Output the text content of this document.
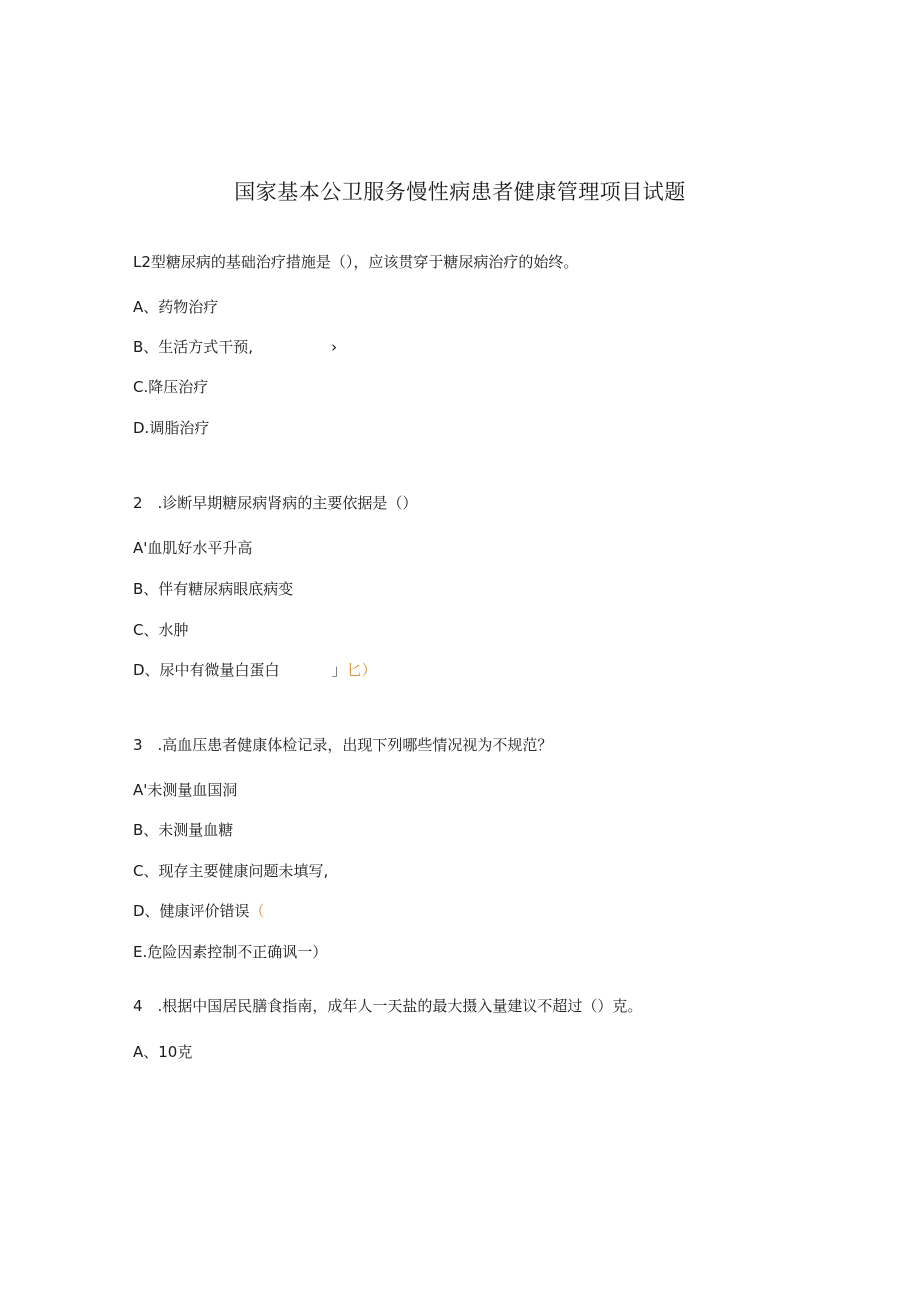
国家基本公卫服务慢性病患者健康管理项目试题
L2型糖尿病的基础治疗措施是（），应该贯穿于糖尿病治疗的始终。
A、药物治疗
B、生活方式干预,	›
C.降压治疗
D.调脂治疗
2　.诊断早期糖尿病肾病的主要依据是（）
A'血肌好水平升高
B、伴有糖尿病眼底病变
C、水肿
D、尿中有微量白蛋白	」匕）
3　.高血压患者健康体检记录，出现下列哪些情况视为不规范？
A'未测量血国洞
B、未测量血糖
C、现存主要健康问题未填写,
D、健康评价错误（
E.危险因素控制不正确讽一）
4　.根据中国居民膳食指南，成年人一天盐的最大摄入量建议不超过（）克。
A、10克
